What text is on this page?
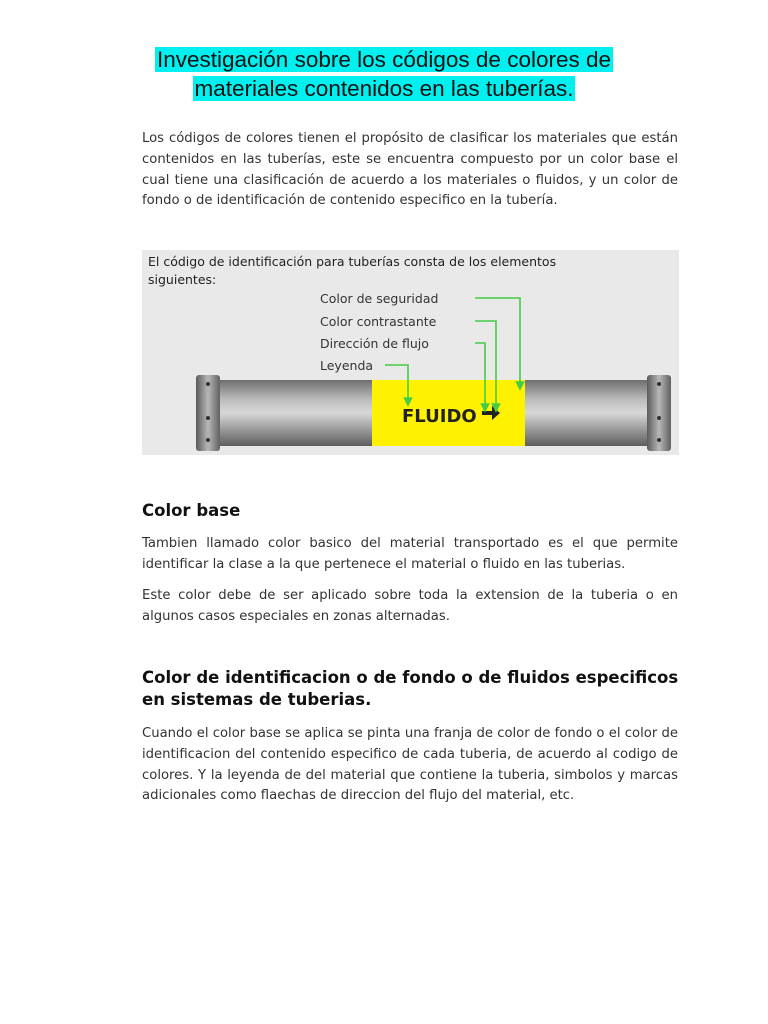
Investigación sobre los códigos de colores de
materiales contenidos en las tuberías.
Los códigos de colores tienen el propósito de clasificar los materiales que están contenidos en las tuberías, este se encuentra compuesto por un color base el cual tiene una clasificación de acuerdo a los materiales o fluidos, y un color de fondo o de identificación de contenido especifico en la tubería.
El código de identificación para tuberías consta de los elementos
siguientes:
Color de seguridad
Color contrastante
Dirección de flujo
Leyenda
FLUIDO
Color base
Tambien llamado color basico del material transportado es el que permite identificar la clase a la que pertenece el material o fluido en las tuberias.
Este color debe de ser aplicado sobre toda la extension de la tuberia o en algunos casos especiales en zonas alternadas.
Color de identificacion o de fondo o de fluidos especificos en sistemas de tuberias.
Cuando el color base se aplica se pinta una franja de color de fondo o el color de identificacion del contenido especifico de cada tuberia, de acuerdo al codigo de colores. Y la leyenda de del material que contiene la tuberia, simbolos y marcas adicionales como flaechas de direccion del flujo del material, etc.
